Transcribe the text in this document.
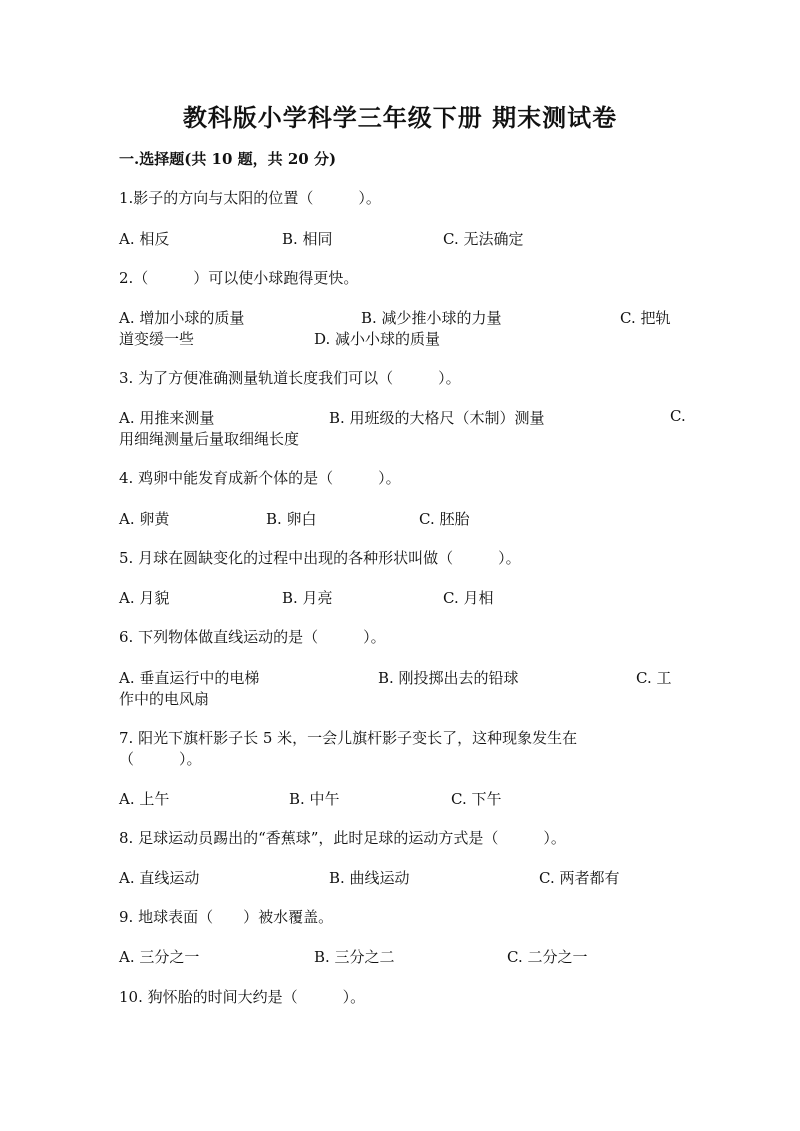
教科版小学科学三年级下册 期末测试卷
一.选择题(共 10 题，共 20 分)
1.影子的方向与太阳的位置（　　　）。
A. 相反	B. 相同	C. 无法确定
2.（　　　）可以使小球跑得更快。
A. 增加小球的质量	B. 减少推小球的力量	C. 把轨
道变缓一些	D. 减小小球的质量
3. 为了方便准确测量轨道长度我们可以（　　　）。
A. 用推来测量	B. 用班级的大格尺（木制）测量	C.
用细绳测量后量取细绳长度
4. 鸡卵中能发育成新个体的是（　　　）。
A. 卵黄	B. 卵白	C. 胚胎
5. 月球在圆缺变化的过程中出现的各种形状叫做（　　　）。
A. 月貌	B. 月亮	C. 月相
6. 下列物体做直线运动的是（　　　）。
A. 垂直运行中的电梯	B. 刚投掷出去的铅球	C. 工
作中的电风扇
7. 阳光下旗杆影子长 5 米，一会儿旗杆影子变长了，这种现象发生在
（　　　）。
A. 上午	B. 中午	C. 下午
8. 足球运动员踢出的“香蕉球”，此时足球的运动方式是（　　　）。
A. 直线运动	B. 曲线运动	C. 两者都有
9. 地球表面（　　）被水覆盖。
A. 三分之一	B. 三分之二	C. 二分之一
10. 狗怀胎的时间大约是（　　　）。
